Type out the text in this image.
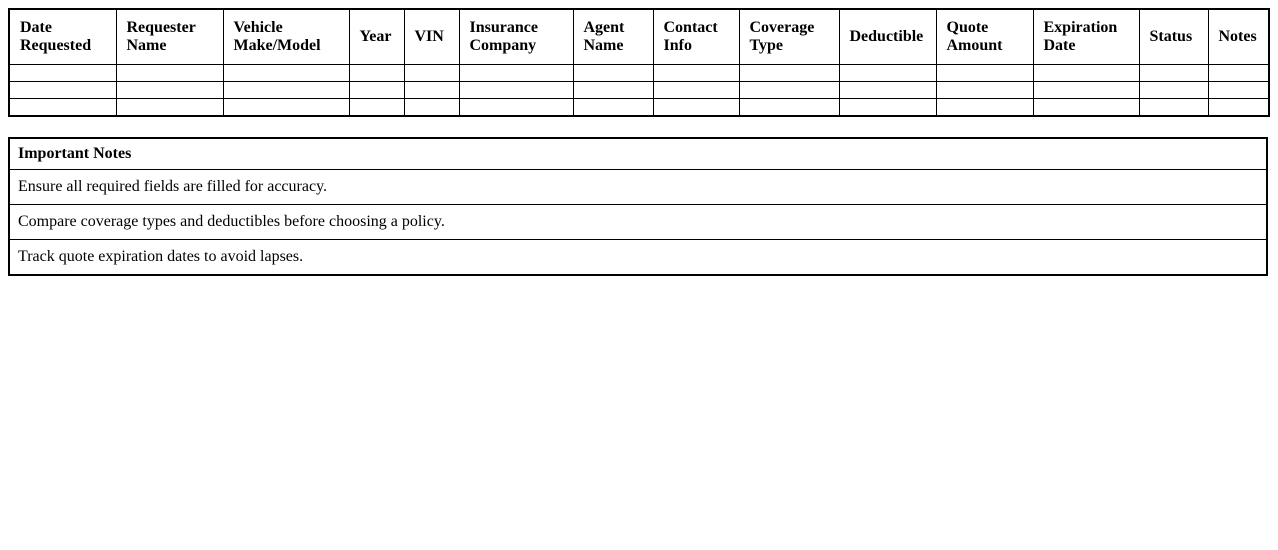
Date Requested	Requester Name	Vehicle Make/Model	Year	VIN	Insurance Company	Agent Name	Contact Info	Coverage Type	Deductible	Quote Amount	Expiration Date	Status	Notes

Important Notes
Ensure all required fields are filled for accuracy.
Compare coverage types and deductibles before choosing a policy.
Track quote expiration dates to avoid lapses.
